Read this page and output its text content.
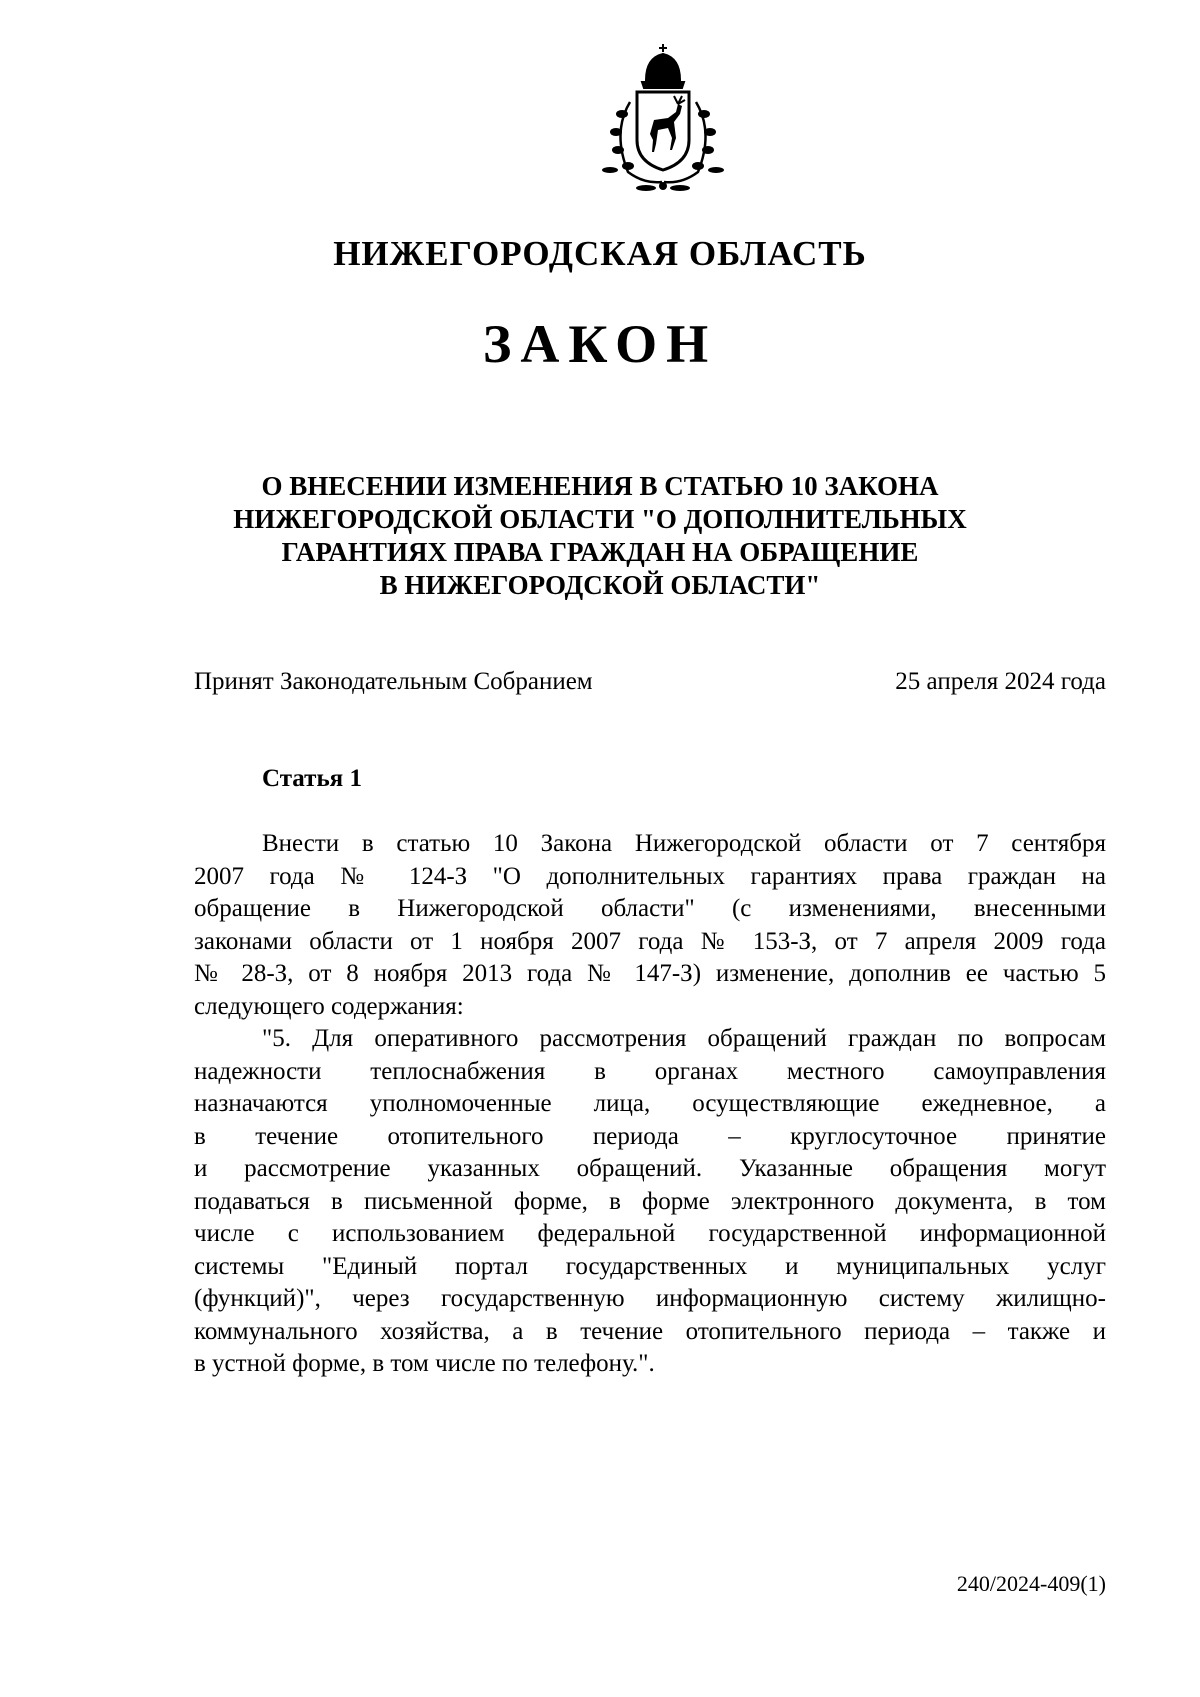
НИЖЕГОРОДСКАЯ ОБЛАСТЬ
ЗАКОН
О ВНЕСЕНИИ ИЗМЕНЕНИЯ В СТАТЬЮ 10 ЗАКОНА
НИЖЕГОРОДСКОЙ ОБЛАСТИ "О ДОПОЛНИТЕЛЬНЫХ
ГАРАНТИЯХ ПРАВА ГРАЖДАН НА ОБРАЩЕНИЕ
В НИЖЕГОРОДСКОЙ ОБЛАСТИ"
Принят Законодательным Собранием	25 апреля 2024 года
Статья 1
Внести в статью 10 Закона Нижегородской области от 7 сентября
2007 года № 124-З "О дополнительных гарантиях права граждан на
обращение в Нижегородской области" (с изменениями, внесенными
законами области от 1 ноября 2007 года № 153-З, от 7 апреля 2009 года
№ 28-З, от 8 ноября 2013 года № 147-З) изменение, дополнив ее частью 5
следующего содержания:
"5. Для оперативного рассмотрения обращений граждан по вопросам
надежности теплоснабжения в органах местного самоуправления
назначаются уполномоченные лица, осуществляющие ежедневное, а
в течение отопительного периода – круглосуточное принятие
и рассмотрение указанных обращений. Указанные обращения могут
подаваться в письменной форме, в форме электронного документа, в том
числе с использованием федеральной государственной информационной
системы "Единый портал государственных и муниципальных услуг
(функций)", через государственную информационную систему жилищно-
коммунального хозяйства, а в течение отопительного периода – также и
в устной форме, в том числе по телефону.".
240/2024-409(1)
